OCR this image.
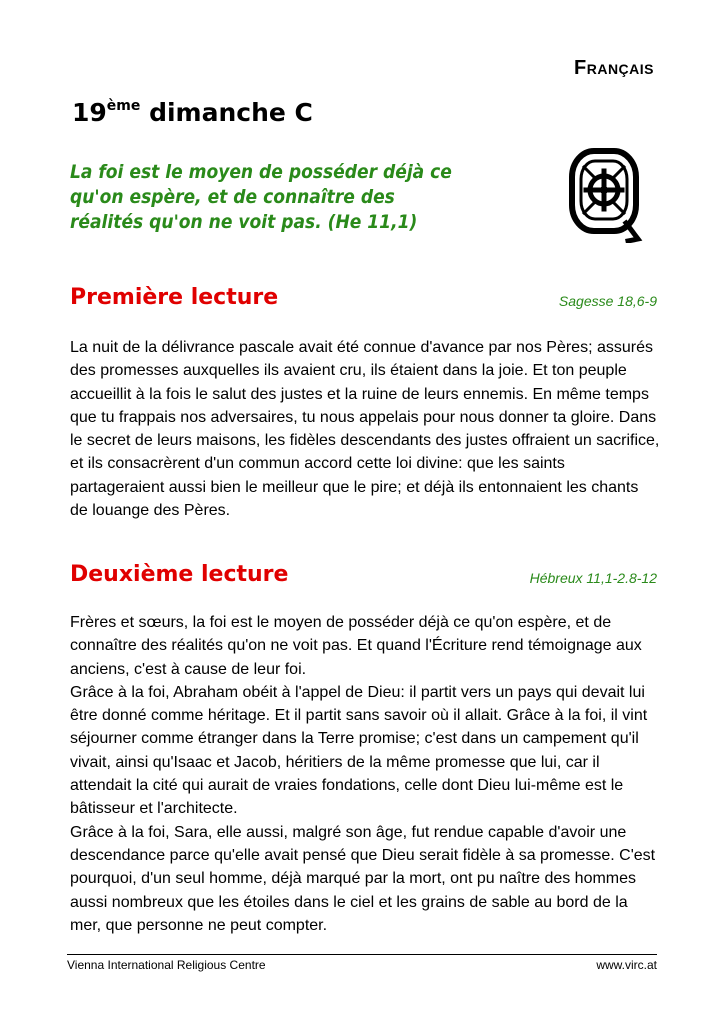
Français
19ème dimanche C
La foi est le moyen de posséder déjà ce qu'on espère, et de connaître des réalités qu'on ne voit pas. (He 11,1)
Première lecture	Sagesse 18,6-9

La nuit de la délivrance pascale avait été connue d'avance par nos Pères; assurés des promesses auxquelles ils avaient cru, ils étaient dans la joie. Et ton peuple accueillit à la fois le salut des justes et la ruine de leurs ennemis. En même temps que tu frappais nos adversaires, tu nous appelais pour nous donner ta gloire. Dans le secret de leurs maisons, les fidèles descendants des justes offraient un sacrifice, et ils consacrèrent d'un commun accord cette loi divine: que les saints partageraient aussi bien le meilleur que le pire; et déjà ils entonnaient les chants de louange des Pères.

Deuxième lecture	Hébreux 11,1-2.8-12

Frères et sœurs, la foi est le moyen de posséder déjà ce qu'on espère, et de connaître des réalités qu'on ne voit pas. Et quand l'Écriture rend témoignage aux anciens, c'est à cause de leur foi.

Grâce à la foi, Abraham obéit à l'appel de Dieu: il partit vers un pays qui devait lui être donné comme héritage. Et il partit sans savoir où il allait. Grâce à la foi, il vint séjourner comme étranger dans la Terre promise; c'est dans un campement qu'il vivait, ainsi qu'Isaac et Jacob, héritiers de la même promesse que lui, car il attendait la cité qui aurait de vraies fondations, celle dont Dieu lui-même est le bâtisseur et l'architecte.

Grâce à la foi, Sara, elle aussi, malgré son âge, fut rendue capable d'avoir une descendance parce qu'elle avait pensé que Dieu serait fidèle à sa promesse. C'est pourquoi, d'un seul homme, déjà marqué par la mort, ont pu naître des hommes aussi nombreux que les étoiles dans le ciel et les grains de sable au bord de la mer, que personne ne peut compter.

Vienna International Religious Centre	www.virc.at
